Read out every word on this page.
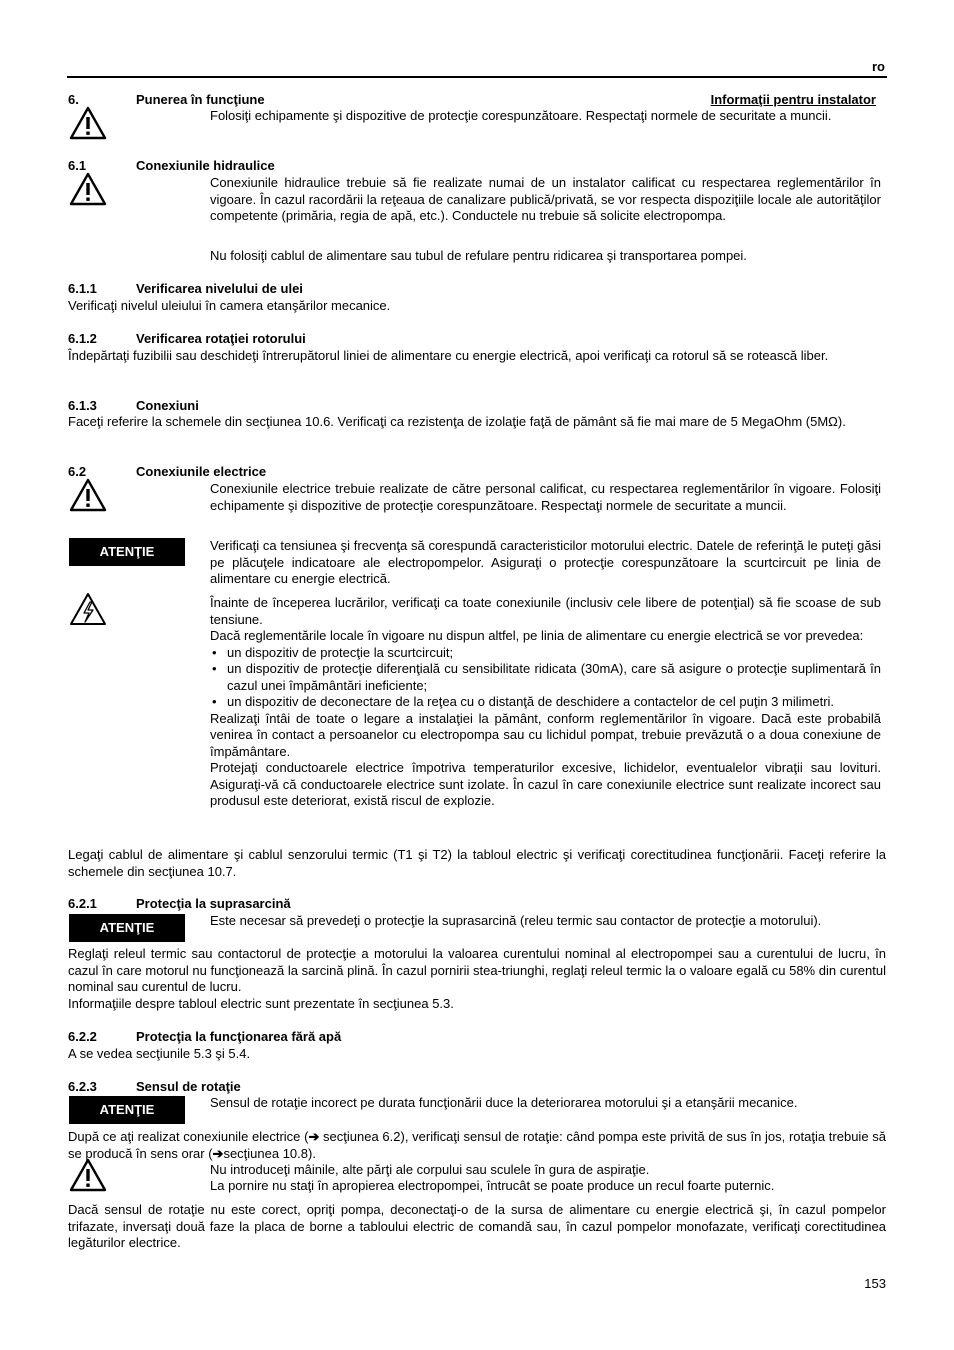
ro
6.	Punerea în funcţiune	Informaţii pentru instalator
Folosiţi echipamente şi dispozitive de protecţie corespunzătoare. Respectaţi normele de securitate a muncii.
6.1	Conexiunile hidraulice
Conexiunile hidraulice trebuie să fie realizate numai de un instalator calificat cu respectarea reglementărilor în vigoare. În cazul racordării la reţeaua de canalizare publică/privată, se vor respecta dispoziţiile locale ale autorităţilor competente (primăria, regia de apă, etc.). Conductele nu trebuie să solicite electropompa.
Nu folosiţi cablul de alimentare sau tubul de refulare pentru ridicarea şi transportarea pompei.
6.1.1	Verificarea nivelului de ulei
Verificaţi nivelul uleiului în camera etanşărilor mecanice.
6.1.2	Verificarea rotaţiei rotorului
Îndepărtaţi fuzibilii sau deschideţi întrerupătorul liniei de alimentare cu energie electrică, apoi verificaţi ca rotorul să se rotească liber.
6.1.3	Conexiuni
Faceţi referire la schemele din secţiunea 10.6. Verificaţi ca rezistenţa de izolaţie faţă de pământ să fie mai mare de 5 MegaOhm (5MΩ).
6.2	Conexiunile electrice
Conexiunile electrice trebuie realizate de către personal calificat, cu respectarea reglementărilor în vigoare. Folosiţi echipamente şi dispozitive de protecţie corespunzătoare. Respectaţi normele de securitate a muncii.
ATENŢIE	Verificaţi ca tensiunea şi frecvenţa să corespundă caracteristicilor motorului electric. Datele de referinţă le puteţi găsi pe plăcuţele indicatoare ale electropompelor. Asiguraţi o protecţie corespunzătoare la scurtcircuit pe linia de alimentare cu energie electrică.

Înainte de începerea lucrărilor, verificaţi ca toate conexiunile (inclusiv cele libere de potenţial) să fie scoase de sub tensiune.

Dacă reglementările locale în vigoare nu dispun altfel, pe linia de alimentare cu energie electrică se vor prevedea:

• un dispozitiv de protecţie la scurtcircuit;
• un dispozitiv de protecţie diferenţială cu sensibilitate ridicata (30mA), care să asigure o protecţie suplimentară în cazul unei împământări ineficiente;
• un dispozitiv de deconectare de la reţea cu o distanţă de deschidere a contactelor de cel puţin 3 milimetri.

Realizaţi întâi de toate o legare a instalaţiei la pământ, conform reglementărilor în vigoare. Dacă este probabilă venirea în contact a persoanelor cu electropompa sau cu lichidul pompat, trebuie prevăzută o a doua conexiune de împământare.

Protejaţi conductoarele electrice împotriva temperaturilor excesive, lichidelor, eventualelor vibraţii sau lovituri. Asiguraţi-vă că conductoarele electrice sunt izolate. În cazul în care conexiunile electrice sunt realizate incorect sau produsul este deteriorat, există riscul de explozie.

Legaţi cablul de alimentare şi cablul senzorului termic (T1 şi T2) la tabloul electric şi verificaţi corectitudinea funcţionării. Faceţi referire la schemele din secţiunea 10.7.
6.2.1	Protecţia la suprasarcină
ATENŢIE	Este necesar să prevedeţi o protecţie la suprasarcină (releu termic sau contactor de protecţie a motorului).
Reglaţi releul termic sau contactorul de protecţie a motorului la valoarea curentului nominal al electropompei sau a curentului de lucru, în cazul în care motorul nu funcţionează la sarcină plină. În cazul pornirii stea-triunghi, reglaţi releul termic la o valoare egală cu 58% din curentul nominal sau curentul de lucru.
Informaţiile despre tabloul electric sunt prezentate în secţiunea 5.3.
6.2.2	Protecţia la funcţionarea fără apă
A se vedea secţiunile 5.3 şi 5.4.
6.2.3	Sensul de rotaţie
ATENŢIE	Sensul de rotaţie incorect pe durata funcţionării duce la deteriorarea motorului şi a etanşării mecanice.
După ce aţi realizat conexiunile electrice (➔ secţiunea 6.2), verificaţi sensul de rotaţie: când pompa este privită de sus în jos, rotaţia trebuie să se producă în sens orar (➔secţiunea 10.8).
Nu introduceţi mâinile, alte părţi ale corpului sau sculele în gura de aspiraţie.
La pornire nu staţi în apropierea electropompei, întrucât se poate produce un recul foarte puternic.
Dacă sensul de rotaţie nu este corect, opriţi pompa, deconectaţi-o de la sursa de alimentare cu energie electrică şi, în cazul pompelor trifazate, inversaţi două faze la placa de borne a tabloului electric de comandă sau, în cazul pompelor monofazate, verificaţi corectitudinea legăturilor electrice.
153
